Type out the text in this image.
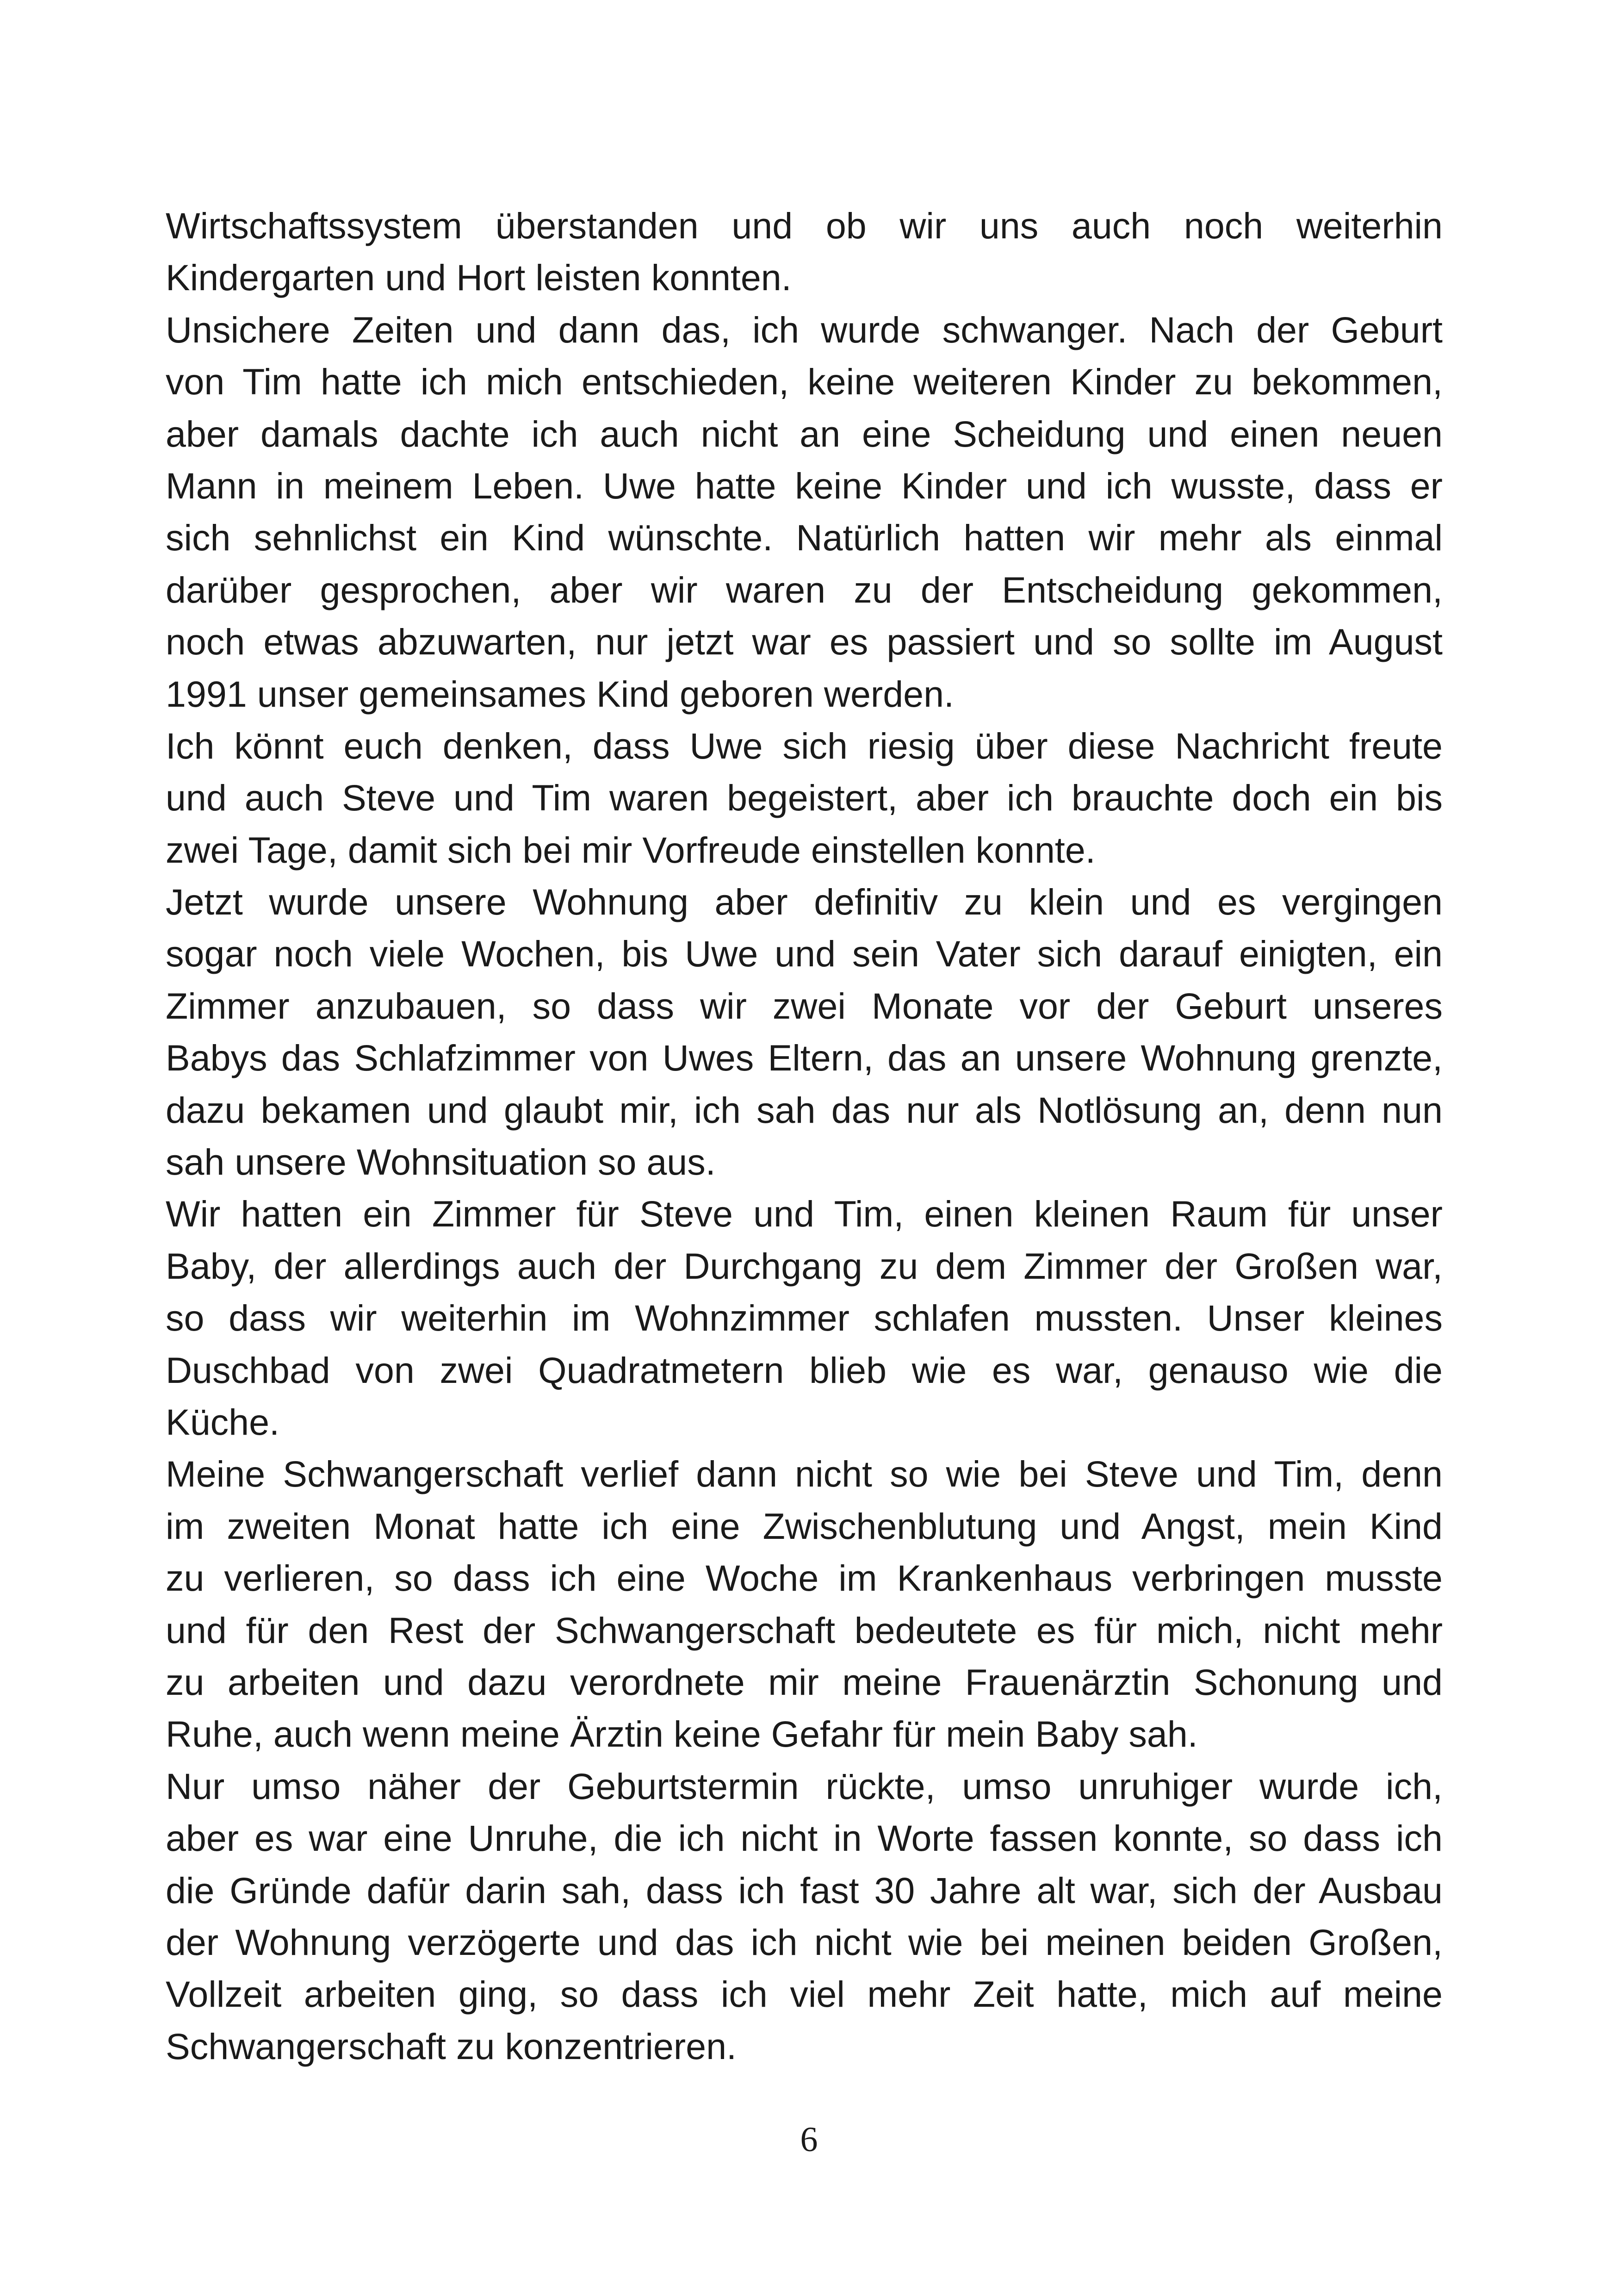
Wirtschaftssystem überstanden und ob wir uns auch noch weiterhin
Kindergarten und Hort leisten konnten.
Unsichere Zeiten und dann das, ich wurde schwanger. Nach der Geburt
von Tim hatte ich mich entschieden, keine weiteren Kinder zu bekommen,
aber damals dachte ich auch nicht an eine Scheidung und einen neuen
Mann in meinem Leben. Uwe hatte keine Kinder und ich wusste, dass er
sich sehnlichst ein Kind wünschte. Natürlich hatten wir mehr als einmal
darüber gesprochen, aber wir waren zu der Entscheidung gekommen,
noch etwas abzuwarten, nur jetzt war es passiert und so sollte im August
1991 unser gemeinsames Kind geboren werden.
Ich könnt euch denken, dass Uwe sich riesig über diese Nachricht freute
und auch Steve und Tim waren begeistert, aber ich brauchte doch ein bis
zwei Tage, damit sich bei mir Vorfreude einstellen konnte.
Jetzt wurde unsere Wohnung aber definitiv zu klein und es vergingen
sogar noch viele Wochen, bis Uwe und sein Vater sich darauf einigten, ein
Zimmer anzubauen, so dass wir zwei Monate vor der Geburt unseres
Babys das Schlafzimmer von Uwes Eltern, das an unsere Wohnung grenzte,
dazu bekamen und glaubt mir, ich sah das nur als Notlösung an, denn nun
sah unsere Wohnsituation so aus.
Wir hatten ein Zimmer für Steve und Tim, einen kleinen Raum für unser
Baby, der allerdings auch der Durchgang zu dem Zimmer der Großen war,
so dass wir weiterhin im Wohnzimmer schlafen mussten. Unser kleines
Duschbad von zwei Quadratmetern blieb wie es war, genauso wie die
Küche.
Meine Schwangerschaft verlief dann nicht so wie bei Steve und Tim, denn
im zweiten Monat hatte ich eine Zwischenblutung und Angst, mein Kind
zu verlieren, so dass ich eine Woche im Krankenhaus verbringen musste
und für den Rest der Schwangerschaft bedeutete es für mich, nicht mehr
zu arbeiten und dazu verordnete mir meine Frauenärztin Schonung und
Ruhe, auch wenn meine Ärztin keine Gefahr für mein Baby sah.
Nur umso näher der Geburtstermin rückte, umso unruhiger wurde ich,
aber es war eine Unruhe, die ich nicht in Worte fassen konnte, so dass ich
die Gründe dafür darin sah, dass ich fast 30 Jahre alt war, sich der Ausbau
der Wohnung verzögerte und das ich nicht wie bei meinen beiden Großen,
Vollzeit arbeiten ging, so dass ich viel mehr Zeit hatte, mich auf meine
Schwangerschaft zu konzentrieren.
6
